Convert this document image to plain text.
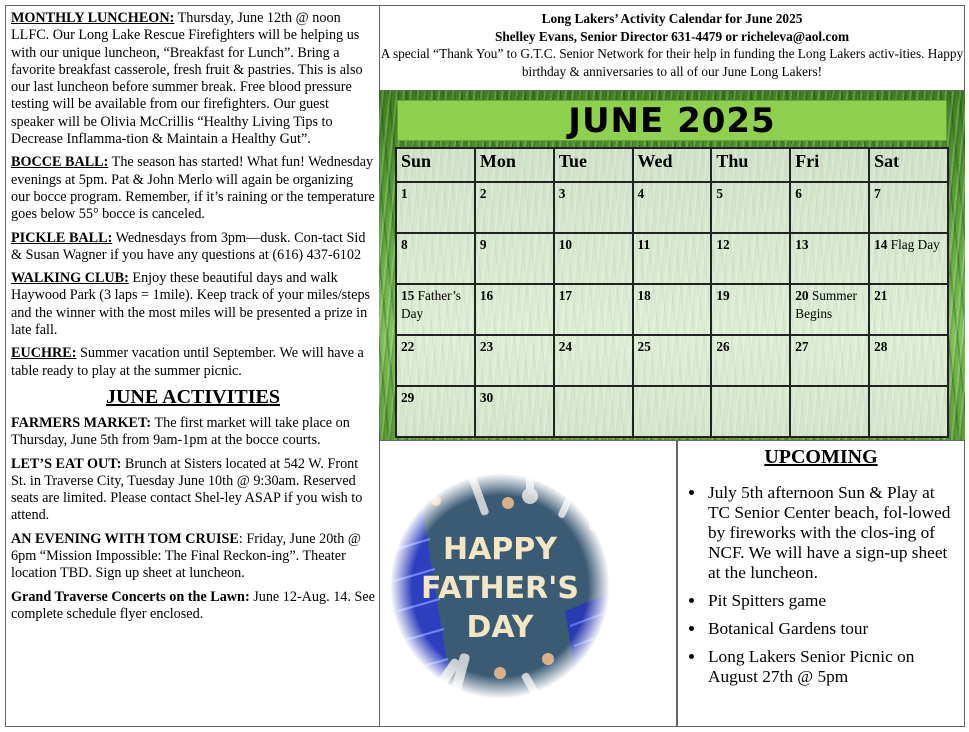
MONTHLY LUNCHEON: Thursday, June 12th @ noon LLFC. Our Long Lake Rescue Firefighters will be helping us with our unique luncheon, “Breakfast for Lunch”. Bring a favorite breakfast casserole, fresh fruit & pastries. This is also our last luncheon before summer break. Free blood pressure testing will be available from our firefighters. Our guest speaker will be Olivia McCrillis “Healthy Living Tips to Decrease Inflamma-tion & Maintain a Healthy Gut”.

BOCCE BALL: The season has started! What fun! Wednesday evenings at 5pm. Pat & John Merlo will again be organizing our bocce program. Remember, if it’s raining or the temperature goes below 55° bocce is canceled.

PICKLE BALL: Wednesdays from 3pm—dusk. Con-tact Sid & Susan Wagner if you have any questions at (616) 437-6102

WALKING CLUB: Enjoy these beautiful days and walk Haywood Park (3 laps = 1mile). Keep track of your miles/steps and the winner with the most miles will be presented a prize in late fall.

EUCHRE: Summer vacation until September. We will have a table ready to play at the summer picnic.

JUNE ACTIVITIES

FARMERS MARKET: The first market will take place on Thursday, June 5th from 9am-1pm at the bocce courts.

LET’S EAT OUT: Brunch at Sisters located at 542 W. Front St. in Traverse City, Tuesday June 10th @ 9:30am. Reserved seats are limited. Please contact Shel-ley ASAP if you wish to attend.

AN EVENING WITH TOM CRUISE: Friday, June 20th @ 6pm “Mission Impossible: The Final Reckon-ing”. Theater location TBD. Sign up sheet at luncheon.

Grand Traverse Concerts on the Lawn: June 12-Aug. 14. See complete schedule flyer enclosed.

Long Lakers’ Activity Calendar for June 2025
Shelley Evans, Senior Director 631-4479 or richeleva@aol.com
A special “Thank You” to G.T.C. Senior Network for their help in funding the Long Lakers activ-ities. Happy birthday & anniversaries to all of our June Long Lakers!
JUNE 2025
Sun	Mon	Tue	Wed	Thu	Fri	Sat
1	2	3	4	5	6	7
8	9	10	11	12	13	14 Flag Day
15 Father’s Day	16	17	18	19	20 Summer Begins	21
22	23	24	25	26	27	28
29	30					
HAPPY
FATHER'S
DAY
UPCOMING
• July 5th afternoon Sun & Play at TC Senior Center beach, fol-lowed by fireworks with the clos-ing of NCF. We will have a sign-up sheet at the luncheon.
• Pit Spitters game
• Botanical Gardens tour
• Long Lakers Senior Picnic on August 27th @ 5pm
